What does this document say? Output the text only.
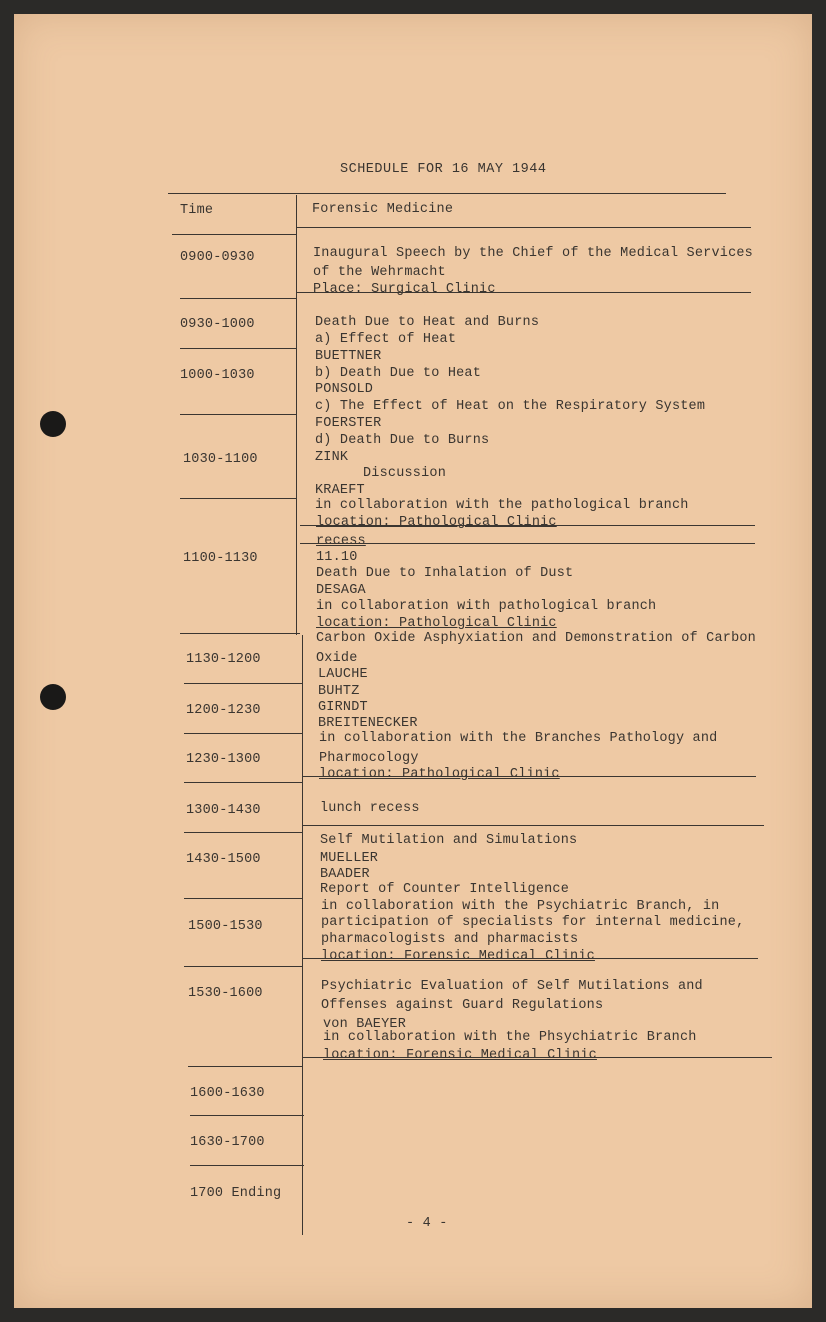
SCHEDULE FOR 16 MAY 1944
Time	Forensic Medicine
0900-0930
0930-1000
1000-1030
1030-1100
1100-1130
1130-1200
1200-1230
1230-1300
1300-1430
1430-1500
1500-1530
1530-1600
1600-1630
1630-1700
1700 Ending
Inaugural Speech by the Chief of the Medical Services
of the Wehrmacht
Place: Surgical Clinic
Death Due to Heat and Burns
a) Effect of Heat
BUETTNER
b) Death Due to Heat
PONSOLD
c) The Effect of Heat on the Respiratory System
FOERSTER
d) Death Due to Burns
ZINK
Discussion
KRAEFT
in collaboration with the pathological branch
location: Pathological Clinic
recess
11.10
Death Due to Inhalation of Dust
DESAGA
in collaboration with pathological branch
location: Pathological Clinic
Carbon Oxide Asphyxiation and Demonstration of Carbon
Oxide
LAUCHE
BUHTZ
GIRNDT
BREITENECKER
in collaboration with the Branches Pathology and
Pharmocology
location: Pathological Clinic
lunch recess
Self Mutilation and Simulations
MUELLER
BAADER
Report of Counter Intelligence
in collaboration with the Psychiatric Branch, in
participation of specialists for internal medicine,
pharmacologists and pharmacists
location: Forensic Medical Clinic
Psychiatric Evaluation of Self Mutilations and
Offenses against Guard Regulations
von BAEYER
in collaboration with the Phsychiatric Branch
location: Forensic Medical Clinic
- 4 -
